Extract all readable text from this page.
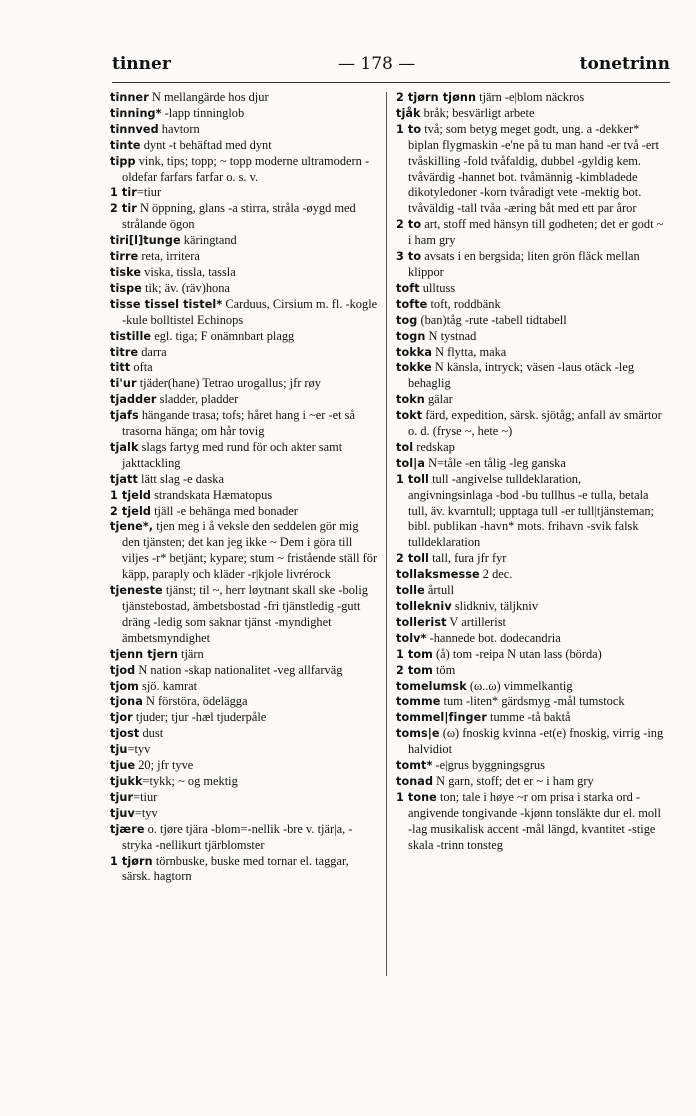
tinner	— 178 —	tonetrinn

tinner N mellangärde hos djur

tinning* -lapp tinninglob

tinnved havtorn

tinte dynt -t behäftad med dynt

tipp vink, tips; topp; ~ topp moderne ultramodern -oldefar farfars farfar o. s. v.

1 tir=tiur

2 tir N öppning, glans -a stirra, stråla -øygd med strålande ögon

tiri[l]tunge käringtand

tirre reta, irritera

tiske viska, tissla, tassla

tispe tik; äv. (räv)hona

tisse tissel tistel* Carduus, Cirsium m. fl. -kogle -kule bolltistel Echinops

tistille egl. tiga; F onämnbart plagg

titre darra

titt ofta

ti'ur tjäder(hane) Tetrao urogallus; jfr røy

tjadder sladder, pladder

tjafs hängande trasa; tofs; håret hang i ~er -et så trasorna hänga; om hår tovig

tjalk slags fartyg med rund för och akter samt jakttackling

tjatt lätt slag -e daska

1 tjeld strandskata Hæmatopus

2 tjeld tjäll -e behänga med bonader

tjene*, tjen meg i å veksle den seddelen gör mig den tjänsten; det kan jeg ikke ~ Dem i göra till viljes -r* betjänt; kypare; stum ~ fristående ställ för käpp, paraply och kläder -r|kjole livrérock

tjeneste tjänst; til ~, herr løytnant skall ske -bolig tjänstebostad, ämbetsbostad -fri tjänstledig -gutt dräng -ledig som saknar tjänst -myndighet ämbetsmyndighet

tjenn tjern tjärn

tjod N nation -skap nationalitet -veg allfarväg

tjom sjö. kamrat

tjona N förstöra, ödelägga

tjor tjuder; tjur -hæl tjuderpåle

tjost dust

tju=tyv

tjue 20; jfr tyve

tjukk=tykk; ~ og mektig

tjur=tiur

tjuv=tyv

tjære o. tjøre tjära -blom=-nellik -bre v. tjär|a, -stryka -nellikurt tjärblomster

1 tjørn törnbuske, buske med tornar el. taggar, särsk. hagtorn

2 tjørn tjønn tjärn -e|blom näckros

tjåk bråk; besvärligt arbete

1 to två; som betyg meget godt, ung. a -dekker* biplan flygmaskin -e'ne på tu man hand -er två -ert tvåskilling -fold tvåfaldig, dubbel -gyldig kem. tvåvärdig -hannet bot. tvåmännig -kimbladede dikotyledoner -korn tvåradigt vete -mektig bot. tvåväldig -tall tvåa -æring båt med ett par åror

2 to art, stoff med hänsyn till godheten; det er godt ~ i ham gry

3 to avsats i en bergsida; liten grön fläck mellan klippor

toft ulltuss

tofte toft, roddbänk

tog (ban)tåg -rute -tabell tidtabell

togn N tystnad

tokka N flytta, maka

tokke N känsla, intryck; väsen -laus otäck -leg behaglig

tokn gälar

tokt färd, expedition, särsk. sjötåg; anfall av smärtor o. d. (fryse ~, hete ~)

tol redskap

tol|a N=tåle -en tålig -leg ganska

1 toll tull -angivelse tulldeklaration, angivningsinlaga -bod -bu tullhus -e tulla, betala tull, äv. kvarntull; upptaga tull -er tull|tjänsteman; bibl. publikan -havn* mots. frihavn -svik falsk tulldeklaration

2 toll tall, fura jfr fyr

tollaksmesse 2 dec.

tolle årtull

tollekniv slidkniv, täljkniv

tollerist V artillerist

tolv* -hannede bot. dodecandria

1 tom (å) tom -reipa N utan lass (börda)

2 tom töm

tomelumsk (ω..ω) vimmelkantig

tomme tum -liten* gärdsmyg -mål tumstock

tommel|finger tumme -tå baktå

toms|e (ω) fnoskig kvinna -et(e) fnoskig, virrig -ing halvidiot

tomt* -e|grus byggningsgrus

tonad N garn, stoff; det er ~ i ham gry

1 tone ton; tale i høye ~r om prisa i starka ord -angivende tongivande -kjønn tonsläkte dur el. moll -lag musikalisk accent -mål längd, kvantitet -stige skala -trinn tonsteg
